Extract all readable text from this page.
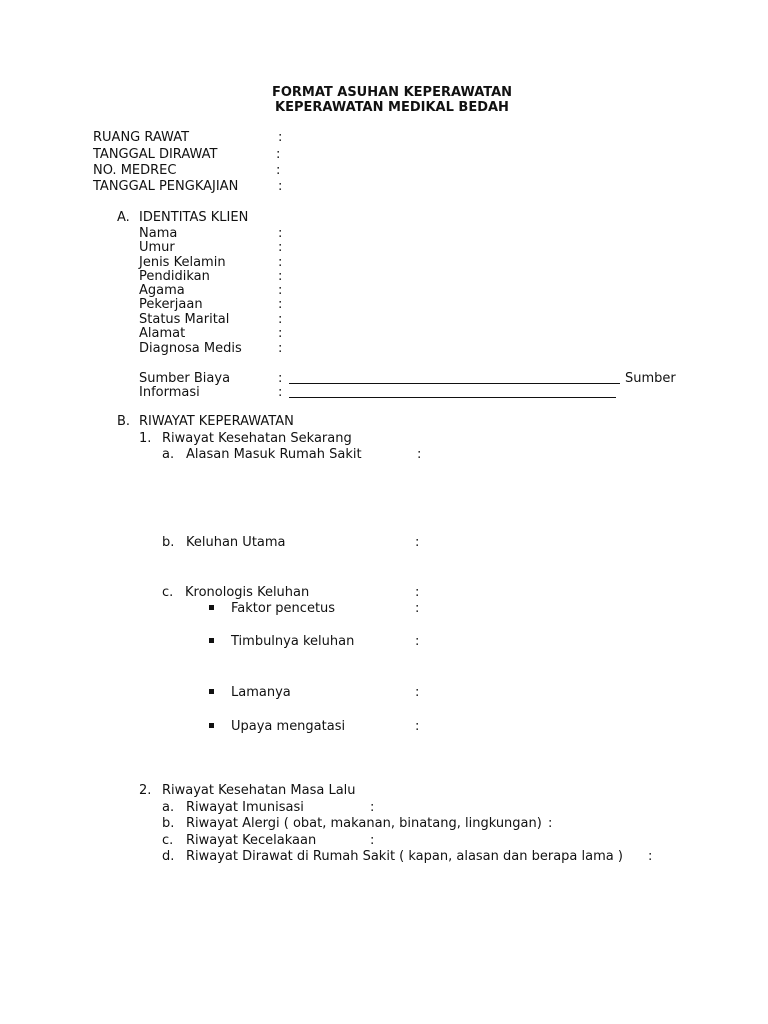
FORMAT ASUHAN KEPERAWATAN
KEPERAWATAN MEDIKAL BEDAH
RUANG RAWAT	:
TANGGAL DIRAWAT	:
NO. MEDREC	:
TANGGAL PENGKAJIAN	:
A. IDENTITAS KLIEN
Nama	:
Umur	:
Jenis Kelamin	:
Pendidikan	:
Agama	:
Pekerjaan	:
Status Marital	:
Alamat	:
Diagnosa Medis	:
Sumber Biaya	:	Sumber
Informasi	:
B. RIWAYAT KEPERAWATAN
1. Riwayat Kesehatan Sekarang
a. Alasan Masuk Rumah Sakit	:
b. Keluhan Utama	:
c. Kronologis Keluhan	:
Faktor pencetus	:
Timbulnya keluhan	:
Lamanya	:
Upaya mengatasi	:
2. Riwayat Kesehatan Masa Lalu
a. Riwayat Imunisasi	:
b. Riwayat Alergi ( obat, makanan, binatang, lingkungan) :
c. Riwayat Kecelakaan	:
d. Riwayat Dirawat di Rumah Sakit ( kapan, alasan dan berapa lama ) :
